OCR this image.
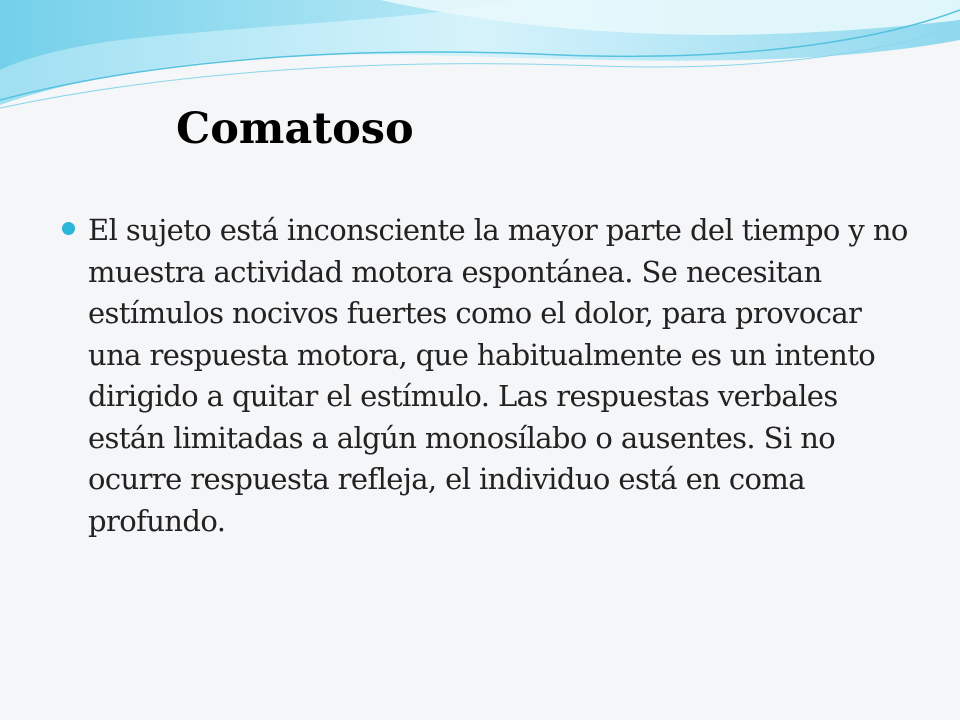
Comatoso

El sujeto está inconsciente la mayor parte del tiempo y no muestra actividad motora espontánea. Se necesitan estímulos nocivos fuertes como el dolor, para provocar una respuesta motora, que habitualmente es un intento dirigido a quitar el estímulo. Las respuestas verbales están limitadas a algún monosílabo o ausentes. Si no ocurre respuesta refleja, el individuo está en coma profundo.
